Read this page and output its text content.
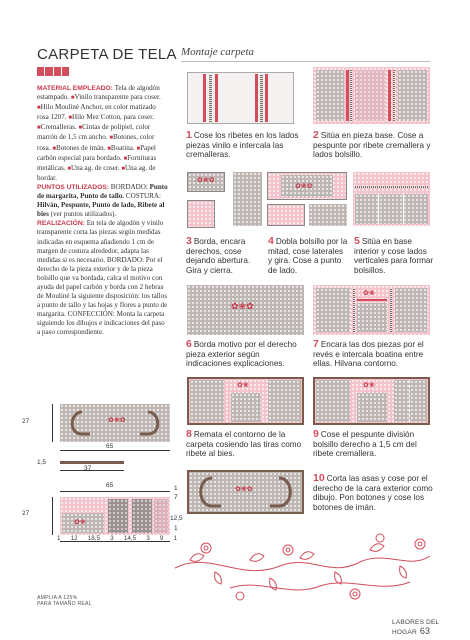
CARPETA DE TELA

MATERIAL EMPLEADO: Tela de algodón estampado. ■Vinilo transparente para coser. ■Hilo Mouliné Anchor, en color matizado rosa 1207. ■Hilo Mez Cotton, para coser. ■Cremalleras. ■Cintas de polipiel, color marrón de 1,5 cm ancho. ■Botones, color rosa. ■Botones de imán. ■Boatina. ■Papel carbón especial para bordado. ■Fornituras metálicas. ■Una ag. de coser. ■Una ag. de bordar.

PUNTOS UTILIZADOS: BORDADO: Punto de margarita, Punto de tallo. COSTURA: Hilván, Pespunte, Punto de lado, Ribete al bies (ver puntos utilizados).

REALIZACIÓN: En tela de algodón y vinilo transparente corta las piezas según medidas indicadas en esquema añadiendo 1 cm de margen de costura alrededor, adapta las medidas si es necesario. BORDADO: Por el derecho de la pieza exterior y de la pieza bolsillo que va bordada, calca el motivo con ayuda del papel carbón y borda con 2 hebras de Mouliné la siguiente disposición: los tallos a punto de tallo y las hojas y flores a punto de margarita. CONFECCIÓN: Monta la carpeta siguiendo los dibujos e indicaciones del paso a paso correspondiente.

✿❀✿
27
65
1,5
37
65
✿❀
27
1
7
12,5
1
1 12 18,5 3 14,5 3 9 1
Montaje carpeta
1 Cose los ribetes en los lados piezas vinilo e intercala las cremalleras.
2 Sitúa en pieza base. Cose a pespunte por ribete cremallera y lados bolsillo.
✿❀✿
✿❀✿
3 Borda, encara derechos, cose dejando abertura. Gira y cierra.
4 Dobla bolsillo por la mitad, cose laterales y gira. Cose a punto de lado.
5 Sitúa en base interior y cose lados verticales para formar bolsillos.
✿❀✿
✿❀
6 Borda motivo por el derecho pieza exterior según indicaciones explicaciones.
7 Encara las dos piezas por el revés e intercala boatina entre ellas. Hilvana contorno.
✿❀	✿❀
8 Remata el contorno de la carpeta cosiendo las tiras como ribete al bies.
9 Cose el pespunte división bolsillo derecho a 1,5 cm del ribete cremallera.
✿❀✿
10 Corta las asas y cose por el derecho de la cara exterior como dibujo. Pon botones y cose los botones de imán.
AMPLIA A 125%
PARA TAMAÑO REAL
LABORES DEL HOGAR 63
